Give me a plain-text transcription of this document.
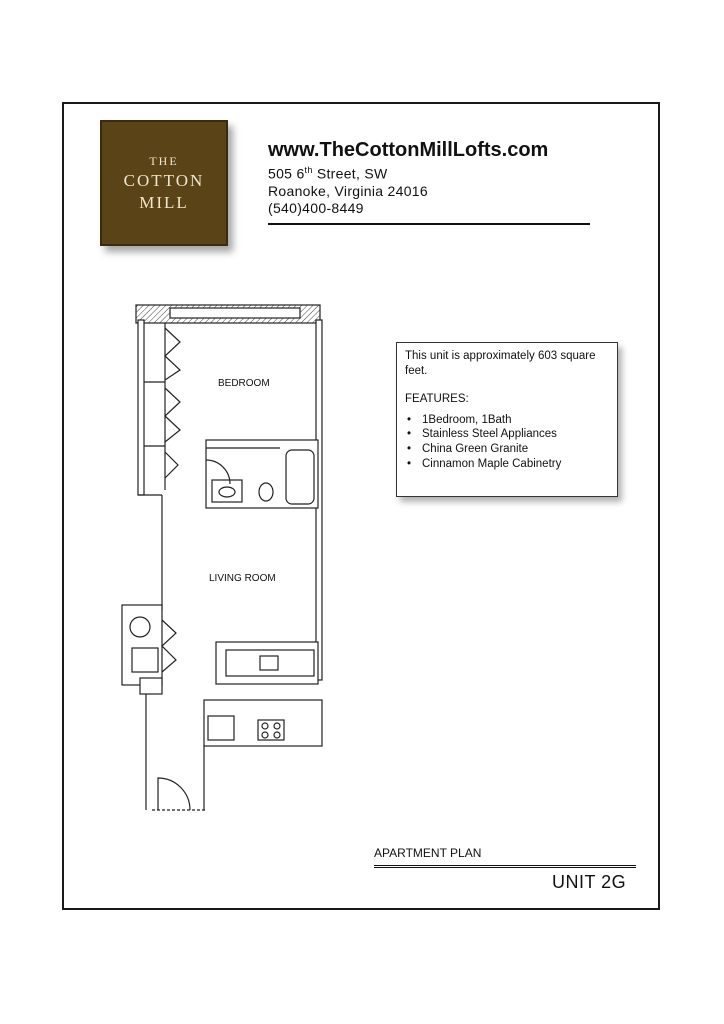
THE
COTTON
MILL

www.TheCottonMillLofts.com

505 6th Street, SW

Roanoke, Virginia 24016

(540)400-8449

BEDROOM
LIVING ROOM

This unit is approximately 603 square feet.

FEATURES:

• 1Bedroom, 1Bath
• Stainless Steel Appliances
• China Green Granite
• Cinnamon Maple Cabinetry
APARTMENT PLAN
UNIT 2G
